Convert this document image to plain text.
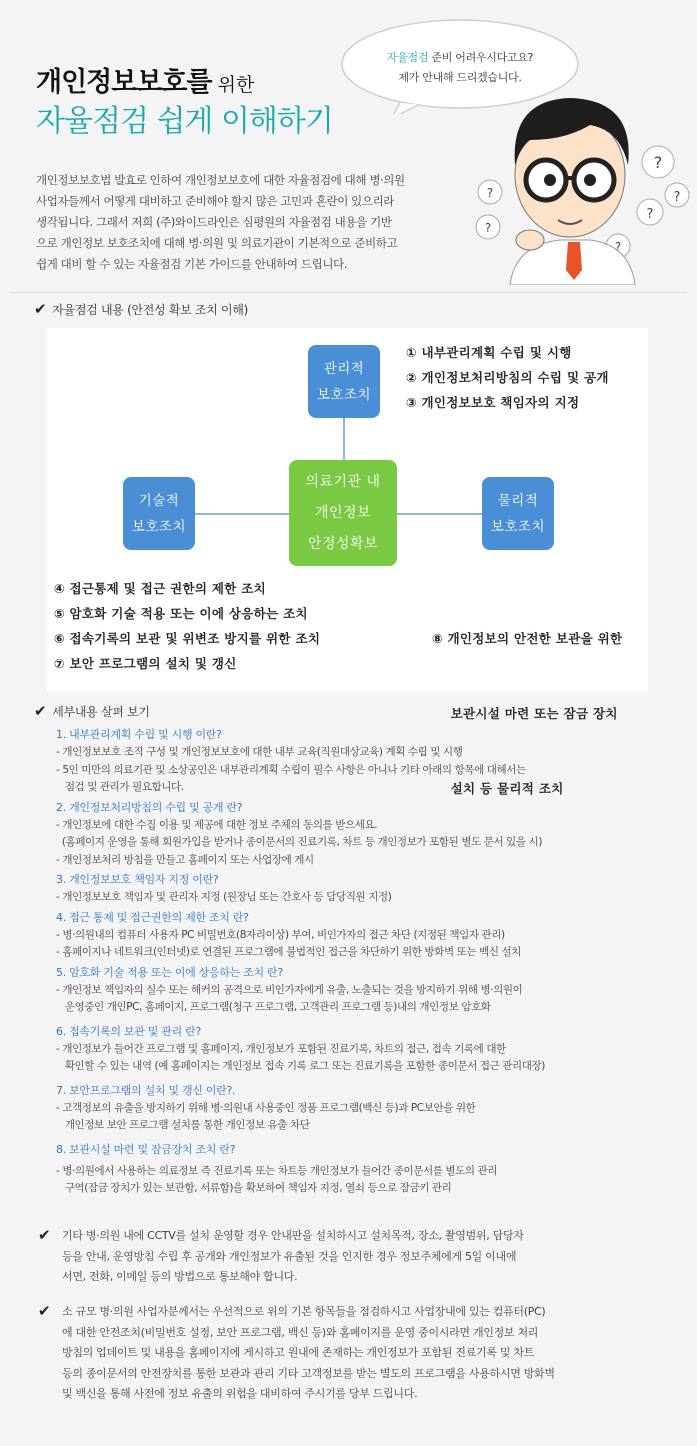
개인정보보호를 위한
자율점검 쉽게 이해하기
개인정보보호법 발효로 인하여 개인정보보호에 대한 자율점검에 대해 병·의원
사업자들께서 어떻게 대비하고 준비해야 할지 많은 고민과 혼란이 있으리라
생각됩니다. 그래서 저희 (주)와이드라인은 심평원의 자율점검 내용을 기반
으로 개인정보 보호조치에 대해 병·의원 및 의료기관이 기본적으로 준비하고
쉽게 대비 할 수 있는 자율점검 기본 가이드를 안내하여 드립니다.
자율점검 준비 어려우시다고요?
제가 안내해 드리겠습니다.
?
?
?
?
?
?
✔ 자율점검 내용 (안전성 확보 조치 이해)
관리적
보호조치
기술적
보호조치
물리적
보호조치
의료기관 내
개인정보
안정성확보
① 내부관리계획 수립 및 시행
② 개인정보처리방침의 수립 및 공개
③ 개인정보보호 책임자의 지정
④ 접근통제 및 접근 권한의 제한 조치
⑤ 암호화 기술 적용 또는 이에 상응하는 조치
⑥ 접속기록의 보관 및 위변조 방지를 위한 조치
⑦ 보안 프로그램의 설치 및 갱신

⑧ 개인정보의 안전한 보관을 위한

보관시설 마련 또는 잠금 장치

설치 등 물리적 조치

✔ 세부내용 살펴 보기
1. 내부관리계획 수립 및 시행 이란?
- 개인정보보호 조직 구성 및 개인정보보호에 대한 내부 교육(직원대상교육) 계획 수립 및 시행
- 5인 미만의 의료기관 및 소상공인은 내부관리계획 수립이 필수 사항은 아니나 기타 아래의 항목에 대해서는
점검 및 관리가 필요합니다.
2. 개인정보처리방침의 수립 및 공개 란?
- 개인정보에 대한 수집 이용 및 제공에 대한 정보 주체의 동의를 받으세요.
(홈페이지 운영을 통해 회원가입을 받거나 종이문서의 진료기록, 차트 등 개인정보가 포함된 별도 문서 있을 시)
- 개인정보처리 방침을 만들고 홈페이지 또는 사업장에 게시
3. 개인정보보호 책임자 지정 이란?
- 개인정보보호 책임자 및 관리자 지정 (원장님 또는 간호사 등 담당직원 지정)
4. 접근 통제 및 접근권한의 제한 조치 란?
- 병·의원내의 컴퓨터 사용자 PC 비밀번호(8자리이상) 부여, 비인가자의 접근 차단 (지정된 책임자 관리)
- 홈페이지나 네트워크(인터넷)로 연결된 프로그램에 불법적인 접근을 차단하기 위한 방화벽 또는 백신 설치
5. 암호화 기술 적용 또는 이에 상응하는 조치 란?
- 개인정보 책임자의 실수 또는 해커의 공격으로 비인가자에게 유출, 노출되는 것을 방지하기 위해 병·의원이
운영중인 개인PC, 홈페이지, 프로그램(청구 프로그램, 고객관리 프로그램 등)내의 개인정보 암호화
6. 접속기록의 보관 및 관리 란?
- 개인정보가 들어간 프로그램 및 홈페이지, 개인정보가 포함된 진료기록, 차트의 접근, 접속 기록에 대한
확인할 수 있는 내역 (예 홈페이지는 개인정보 접속 기록 로그 또는 진료기록을 포함한 종이문서 접근 관리대장)
7. 보안프로그램의 설치 및 갱신 이란?.
- 고객정보의 유출을 방지하기 위해 병·의원내 사용중인 정품 프로그램(백신 등)과 PC보안을 위한
개인정보 보안 프로그램 설치를 통한 개인정보 유출 차단
8. 보관시설 마련 및 잠금장치 조치 란?
- 병·의원에서 사용하는 의료정보 즉 진료기록 또는 차트등 개인정보가 들어간 종이문서를 별도의 관리
구역(잠금 장치가 있는 보관함, 서류함)을 확보하여 책임자 지정, 열쇠 등으로 잠금키 관리
✔ 기타 병·의원 내에 CCTV를 설치 운영할 경우 안내판을 설치하시고 설치목적, 장소, 촬영범위, 담당자
등을 안내, 운영방침 수립 후 공개와 개인정보가 유출된 것을 인지한 경우 정보주체에게 5일 이내에
서면, 전화, 이메일 등의 방법으로 통보해야 합니다.
✔ 소 규모 병·의원 사업자분께서는 우선적으로 위의 기본 항목들을 점검하시고 사업장내에 있는 컴퓨터(PC)
에 대한 안전조치(비밀번호 설정, 보안 프로그램, 백신 등)와 홈페이지를 운영 중이시라면 개인정보 처리
방침의 업데이트 및 내용을 홈페이지에 게시하고 원내에 존재하는 개인정보가 포함된 진료기록 및 차트
등의 종이문서의 안전장치를 통한 보관과 관리 기타 고객정보를 받는 별도의 프로그램을 사용하시면 방화벽
및 백신을 통해 사전에 정보 유출의 위험을 대비하여 주시기를 당부 드립니다.
